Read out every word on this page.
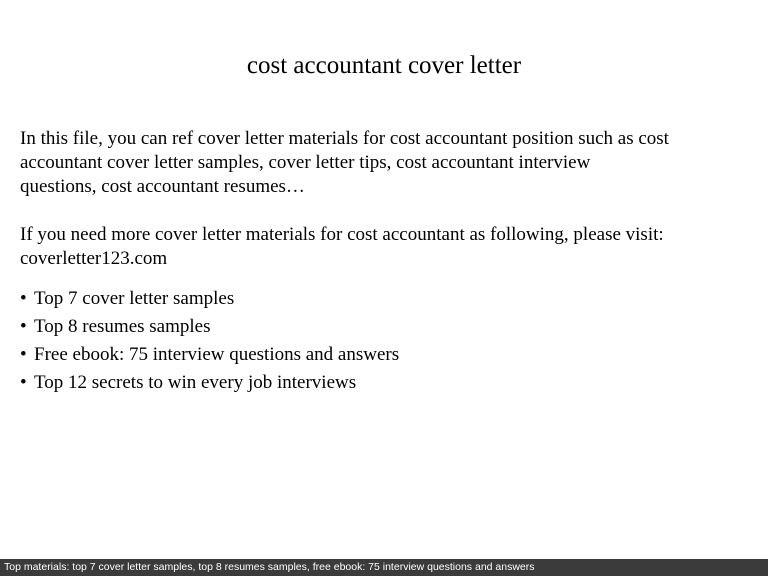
cost accountant cover letter

In this file, you can ref cover letter materials for cost accountant position such as cost
accountant cover letter samples, cover letter tips, cost accountant interview
questions, cost accountant resumes…

If you need more cover letter materials for cost accountant as following, please visit:
coverletter123.com

• Top 7 cover letter samples
• Top 8 resumes samples
• Free ebook: 75 interview questions and answers
• Top 12 secrets to win every job interviews
Top materials: top 7 cover letter samples, top 8 resumes samples, free ebook: 75 interview questions and answers
